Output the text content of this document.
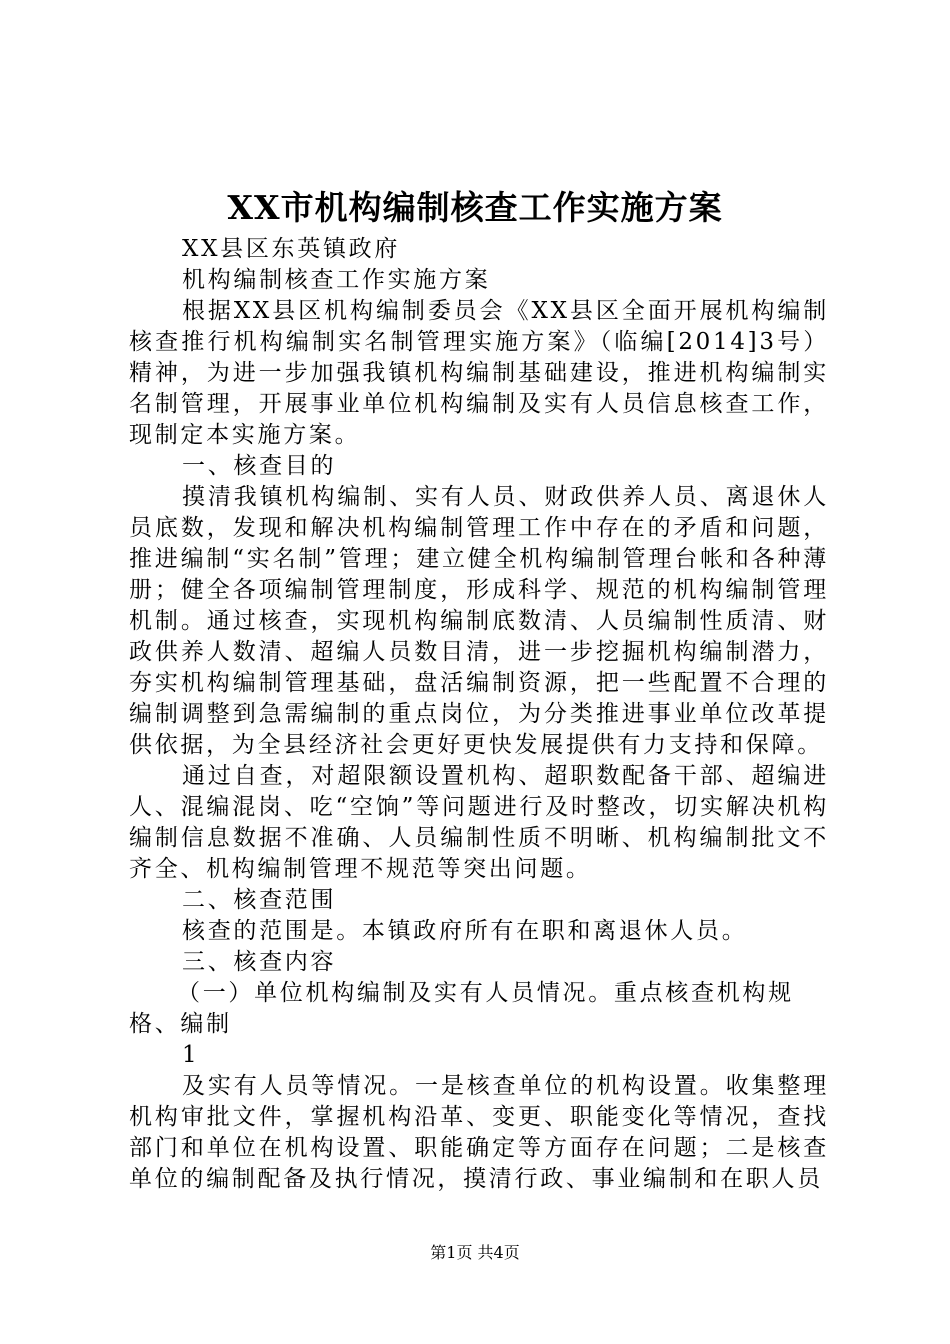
XX市机构编制核查工作实施方案

XX县区东英镇政府

机构编制核查工作实施方案

根据XX县区机构编制委员会《XX县区全面开展机构编制核查推行机构编制实名制管理实施方案》（临编[2014]3号）精神，为进一步加强我镇机构编制基础建设，推进机构编制实名制管理，开展事业单位机构编制及实有人员信息核查工作，现制定本实施方案。

一、核查目的

摸清我镇机构编制、实有人员、财政供养人员、离退休人员底数，发现和解决机构编制管理工作中存在的矛盾和问题，推进编制“实名制”管理；建立健全机构编制管理台帐和各种薄册；健全各项编制管理制度，形成科学、规范的机构编制管理机制。通过核查，实现机构编制底数清、人员编制性质清、财政供养人数清、超编人员数目清，进一步挖掘机构编制潜力，夯实机构编制管理基础，盘活编制资源，把一些配置不合理的编制调整到急需编制的重点岗位，为分类推进事业单位改革提供依据，为全县经济社会更好更快发展提供有力支持和保障。

通过自查，对超限额设置机构、超职数配备干部、超编进人、混编混岗、吃“空饷”等问题进行及时整改，切实解决机构编制信息数据不准确、人员编制性质不明晰、机构编制批文不齐全、机构编制管理不规范等突出问题。

二、核查范围

核查的范围是。本镇政府所有在职和离退休人员。

三、核查内容

（一）单位机构编制及实有人员情况。重点核查机构规格、编制

1

及实有人员等情况。一是核查单位的机构设置。收集整理机构审批文件，掌握机构沿革、变更、职能变化等情况，查找部门和单位在机构设置、职能确定等方面存在问题；二是核查单位的编制配备及执行情况，摸清行政、事业编制和在职人员

第1页 共4页
